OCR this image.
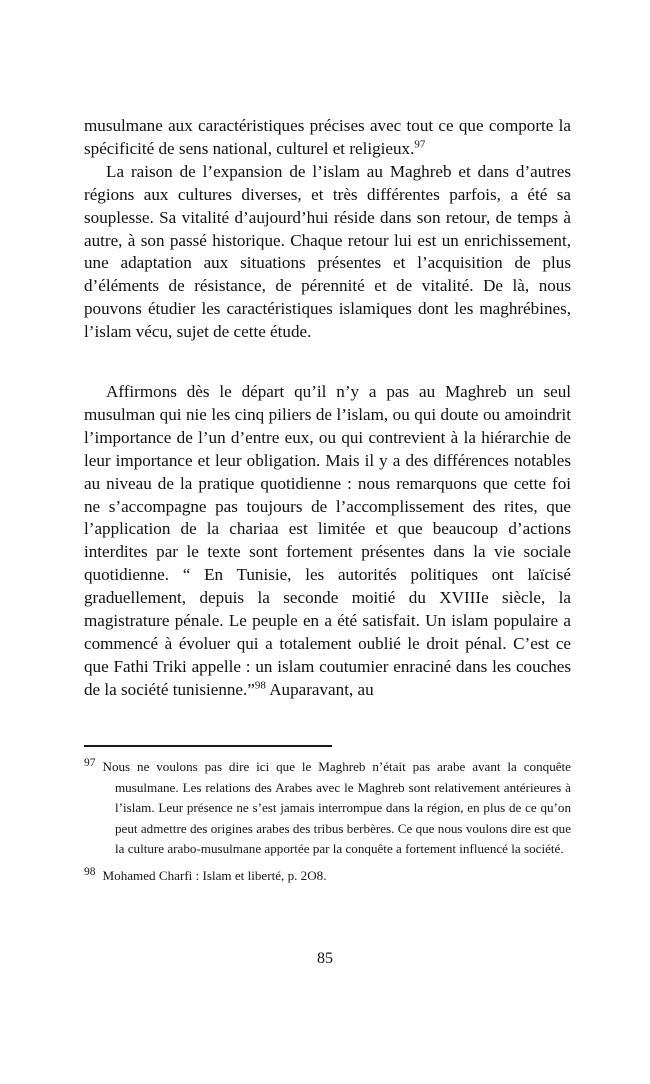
musulmane aux caractéristiques précises avec tout ce que comporte la spécificité de sens national, culturel et religieux.$^{97}$

La raison de l’expansion de l’islam au Maghreb et dans d’autres régions aux cultures diverses, et très différentes parfois, a été sa souplesse. Sa vitalité d’aujourd’hui réside dans son retour, de temps à autre, à son passé historique. Chaque retour lui est un enrichissement, une adaptation aux situations présentes et l’acquisition de plus d’éléments de résistance, de pérennité et de vitalité. De là, nous pouvons étudier les caractéristiques islamiques dont les maghrébines, l’islam vécu, sujet de cette étude.

Affirmons dès le départ qu’il n’y a pas au Maghreb un seul musulman qui nie les cinq piliers de l’islam, ou qui doute ou amoindrit l’importance de l’un d’entre eux, ou qui contrevient à la hiérarchie de leur importance et leur obligation. Mais il y a des différences notables au niveau de la pratique quotidienne : nous remarquons que cette foi ne s’accompagne pas toujours de l’accomplissement des rites, que l’application de la chariaa est limitée et que beaucoup d’actions interdites par le texte sont fortement présentes dans la vie sociale quotidienne. “ En Tunisie, les autorités politiques ont laïcisé graduellement, depuis la seconde moitié du XVIIIe siècle, la magistrature pénale. Le peuple en a été satisfait. Un islam populaire a commencé à évoluer qui a totalement oublié le droit pénal. C’est ce que Fathi Triki appelle : un islam coutumier enraciné dans les couches de la société tunisienne.”$^{98}$ Auparavant, au

97 Nous ne voulons pas dire ici que le Maghreb n’était pas arabe avant la conquête musulmane. Les relations des Arabes avec le Maghreb sont relativement antérieures à l’islam. Leur présence ne s’est jamais interrompue dans la région, en plus de ce qu’on peut admettre des origines arabes des tribus berbères. Ce que nous voulons dire est que la culture arabo-musulmane apportée par la conquête a fortement influencé la société.

98 Mohamed Charfi : Islam et liberté, p. 2O8.

85
